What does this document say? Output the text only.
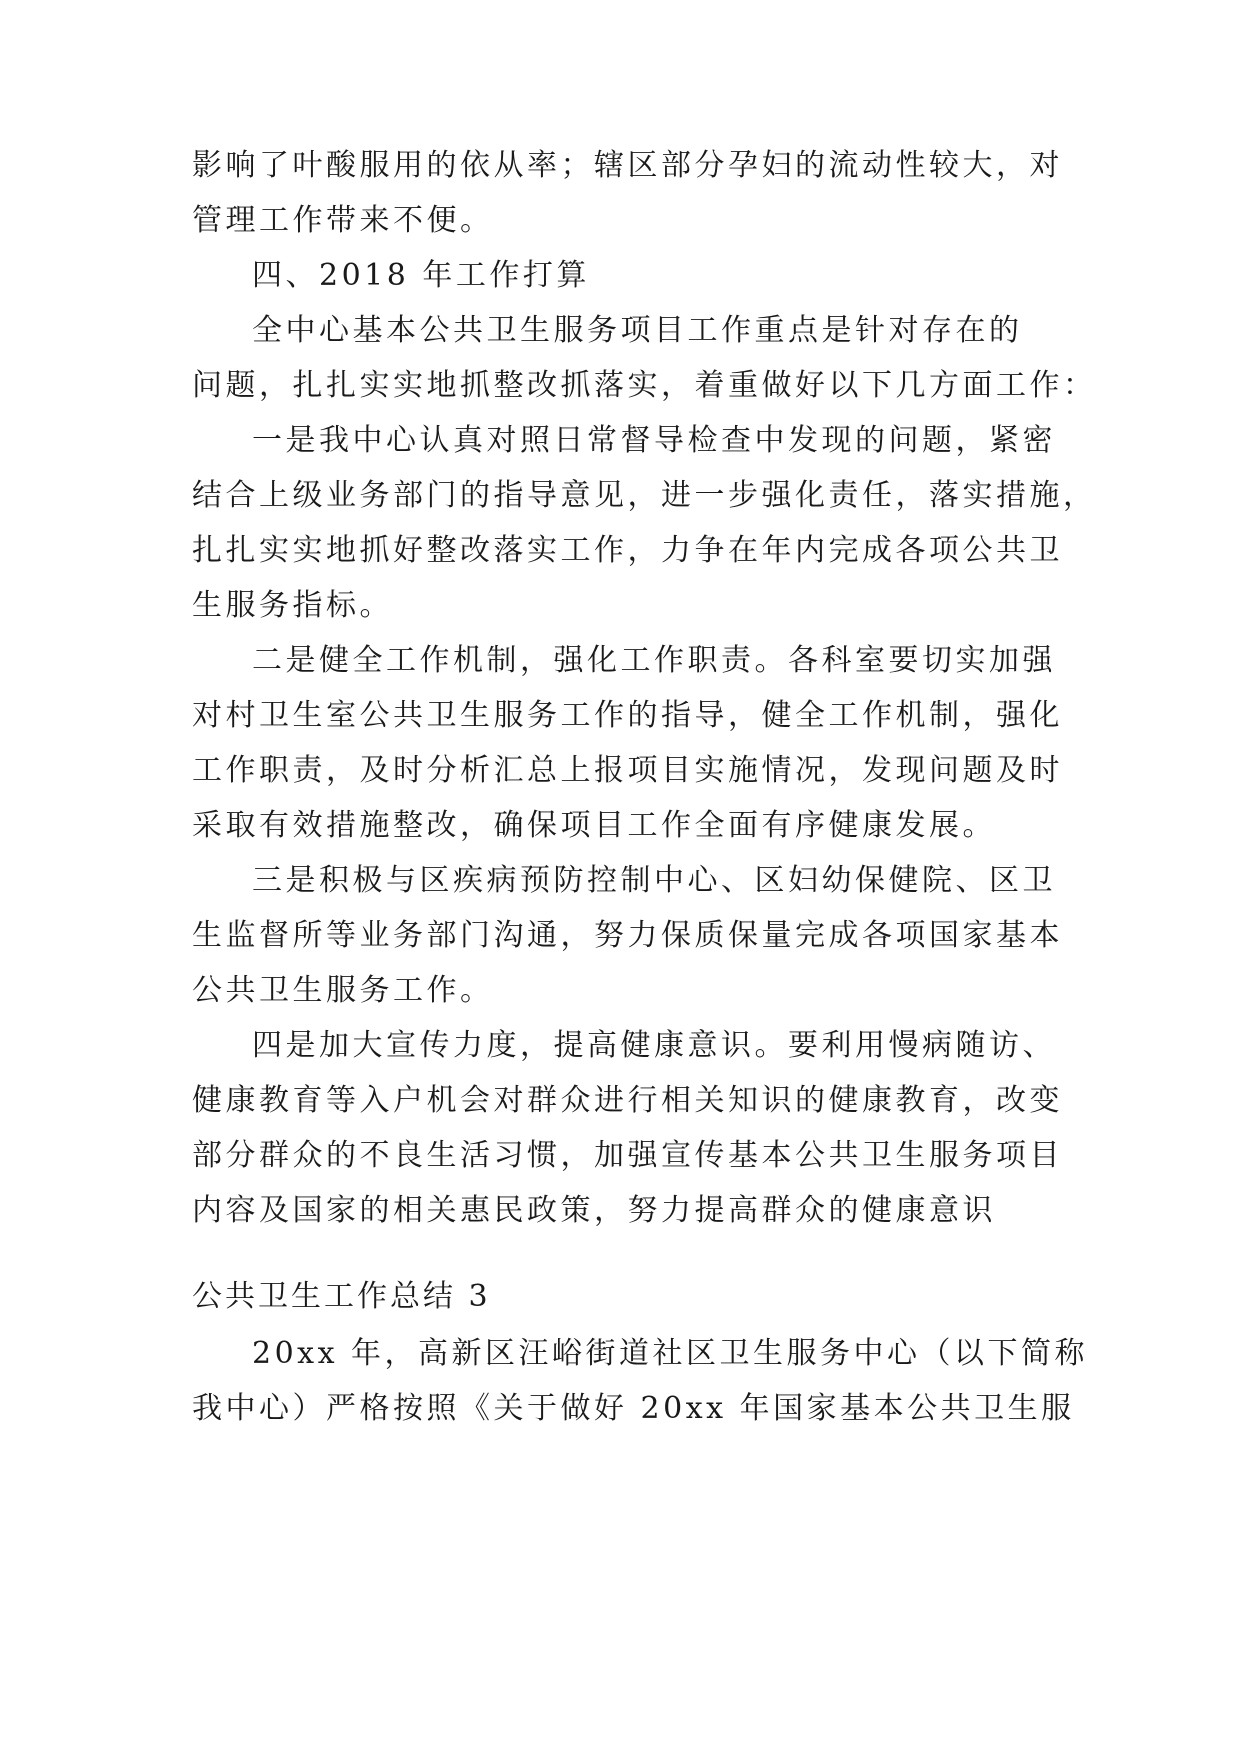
影响了叶酸服用的依从率；辖区部分孕妇的流动性较大，对
管理工作带来不便。
四、2018 年工作打算
全中心基本公共卫生服务项目工作重点是针对存在的
问题，扎扎实实地抓整改抓落实，着重做好以下几方面工作：
一是我中心认真对照日常督导检查中发现的问题，紧密
结合上级业务部门的指导意见，进一步强化责任，落实措施，
扎扎实实地抓好整改落实工作，力争在年内完成各项公共卫
生服务指标。
二是健全工作机制，强化工作职责。各科室要切实加强
对村卫生室公共卫生服务工作的指导，健全工作机制，强化
工作职责，及时分析汇总上报项目实施情况，发现问题及时
采取有效措施整改，确保项目工作全面有序健康发展。
三是积极与区疾病预防控制中心、区妇幼保健院、区卫
生监督所等业务部门沟通，努力保质保量完成各项国家基本
公共卫生服务工作。
四是加大宣传力度，提高健康意识。要利用慢病随访、
健康教育等入户机会对群众进行相关知识的健康教育，改变
部分群众的不良生活习惯，加强宣传基本公共卫生服务项目
内容及国家的相关惠民政策，努力提高群众的健康意识
公共卫生工作总结 3
20xx 年，高新区汪峪街道社区卫生服务中心（以下简称
我中心）严格按照《关于做好 20xx 年国家基本公共卫生服
